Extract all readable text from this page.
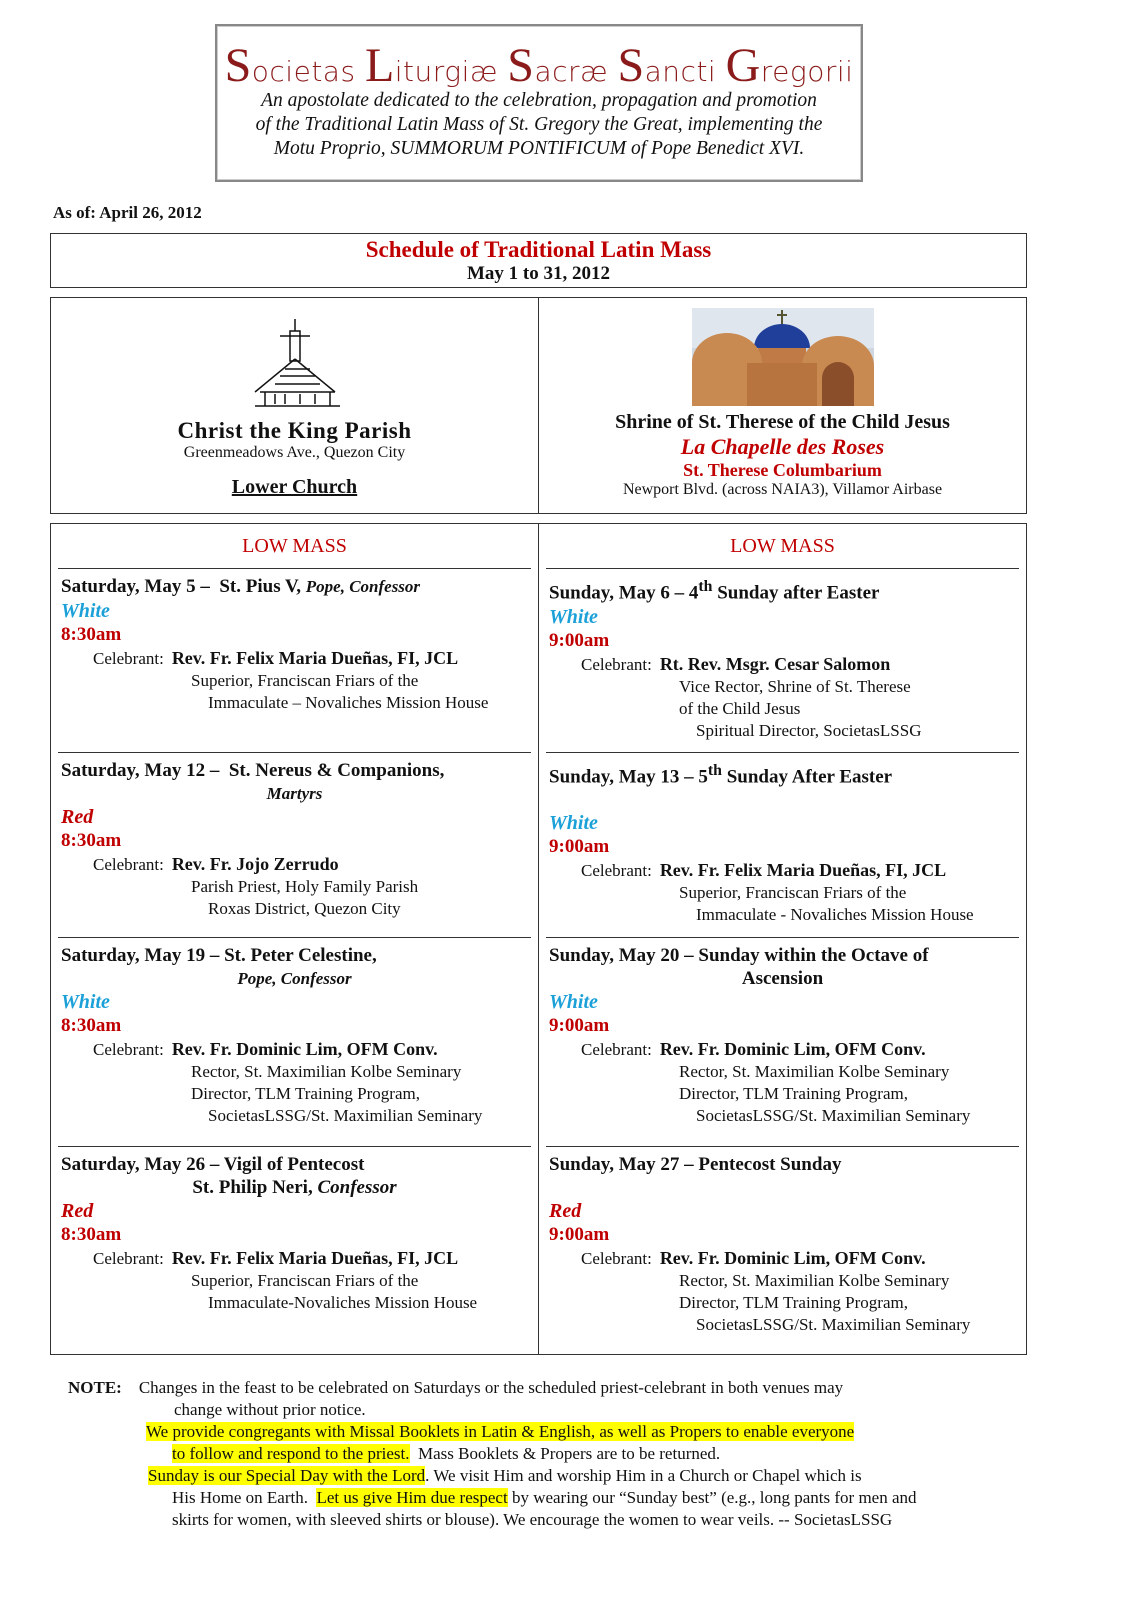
Societas Liturgiæ Sacræ Sancti Gregorii
An apostolate dedicated to the celebration, propagation and promotion
of the Traditional Latin Mass of St. Gregory the Great, implementing the
Motu Proprio, SUMMORUM PONTIFICUM of Pope Benedict XVI.
As of: April 26, 2012
Schedule of Traditional Latin Mass
May 1 to 31, 2012
Christ the King Parish
Greenmeadows Ave., Quezon City
Lower Church
Shrine of St. Therese of the Child Jesus
La Chapelle des Roses
St. Therese Columbarium
Newport Blvd. (across NAIA3), Villamor Airbase
LOW MASS
Saturday, May 5 –  St. Pius V, Pope, Confessor
White
8:30am
Celebrant: Rev. Fr. Felix Maria Dueñas, FI, JCL
Superior, Franciscan Friars of the
Immaculate – Novaliches Mission House
Saturday, May 12 –  St. Nereus & Companions,
Martyrs
Red
8:30am
Celebrant: Rev. Fr. Jojo Zerrudo
Parish Priest, Holy Family Parish
Roxas District, Quezon City
Saturday, May 19 – St. Peter Celestine,
Pope, Confessor
White
8:30am
Celebrant: Rev. Fr. Dominic Lim, OFM Conv.
Rector, St. Maximilian Kolbe Seminary
Director, TLM Training Program,
SocietasLSSG/St. Maximilian Seminary
Saturday, May 26 – Vigil of Pentecost
St. Philip Neri, Confessor
Red
8:30am
Celebrant: Rev. Fr. Felix Maria Dueñas, FI, JCL
Superior, Franciscan Friars of the
Immaculate-Novaliches Mission House
LOW MASS
Sunday, May 6 – 4th Sunday after Easter
White
9:00am
Celebrant: Rt. Rev. Msgr. Cesar Salomon
Vice Rector, Shrine of St. Therese
of the Child Jesus
Spiritual Director, SocietasLSSG
Sunday, May 13 – 5th Sunday After Easter

White
9:00am
Celebrant: Rev. Fr. Felix Maria Dueñas, FI, JCL
Superior, Franciscan Friars of the
Immaculate - Novaliches Mission House
Sunday, May 20 – Sunday within the Octave of
Ascension
White
9:00am
Celebrant: Rev. Fr. Dominic Lim, OFM Conv.
Rector, St. Maximilian Kolbe Seminary
Director, TLM Training Program,
SocietasLSSG/St. Maximilian Seminary
Sunday, May 27 – Pentecost Sunday

Red
9:00am
Celebrant: Rev. Fr. Dominic Lim, OFM Conv.
Rector, St. Maximilian Kolbe Seminary
Director, TLM Training Program,
SocietasLSSG/St. Maximilian Seminary
NOTE: Changes in the feast to be celebrated on Saturdays or the scheduled priest-celebrant in both venues may
change without prior notice.
We provide congregants with Missal Booklets in Latin & English, as well as Propers to enable everyone
to follow and respond to the priest.  Mass Booklets & Propers are to be returned.
Sunday is our Special Day with the Lord. We visit Him and worship Him in a Church or Chapel which is
His Home on Earth.  Let us give Him due respect by wearing our “Sunday best” (e.g., long pants for men and
skirts for women, with sleeved shirts or blouse). We encourage the women to wear veils. -- SocietasLSSG
